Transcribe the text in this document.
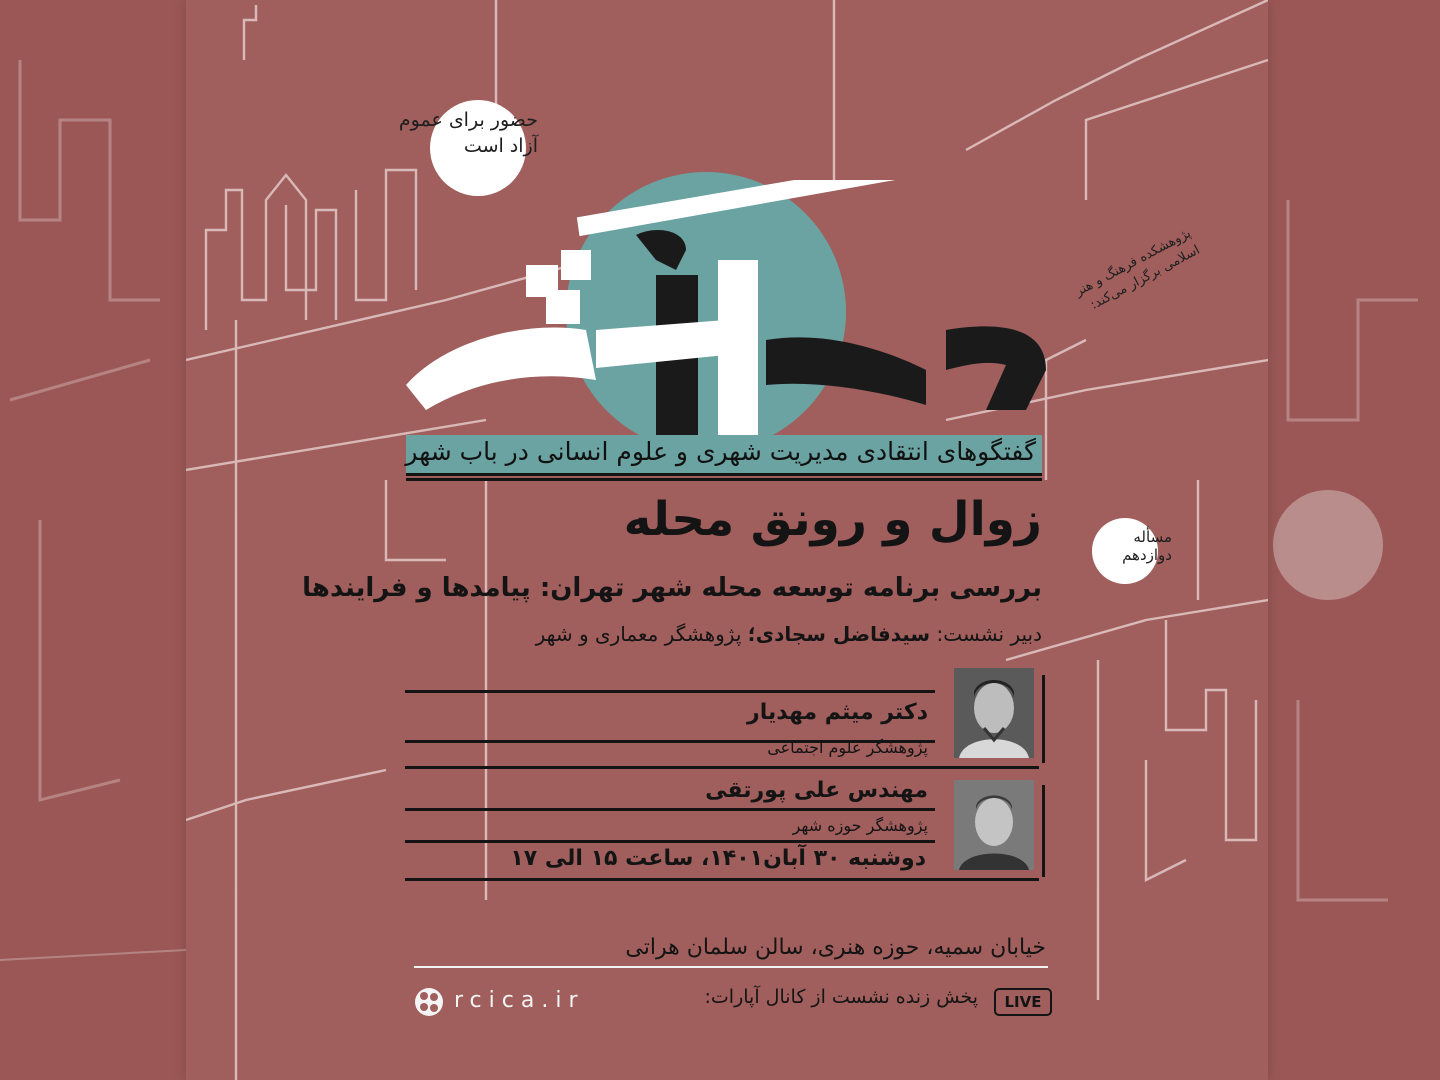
حضور برای عموم آزاد است
پژوهشکده فرهنگ و هنر اسلامی برگزار می‌کند:
گفتگوهای انتقادی مدیریت شهری و علوم انسانی در باب شهر
مسأله دوازدهم
زوال و رونق محله
بررسی برنامه توسعه محله شهر تهران: پیامدها و فرایندها
دبیر نشست: سیدفاضل سجادی؛ پژوهشگر معماری و شهر
دکتر میثم مهدیار
پژوهشگر علوم اجتماعی
مهندس علی پورتقی
پژوهشگر حوزه شهر
دوشنبه ۳۰ آبان۱۴۰۱، ساعت ۱۵ الی ۱۷
خیابان سمیه، حوزه هنری، سالن سلمان هراتی
LIVE
پخش زنده نشست از کانال آپارات:
rcica.ir
